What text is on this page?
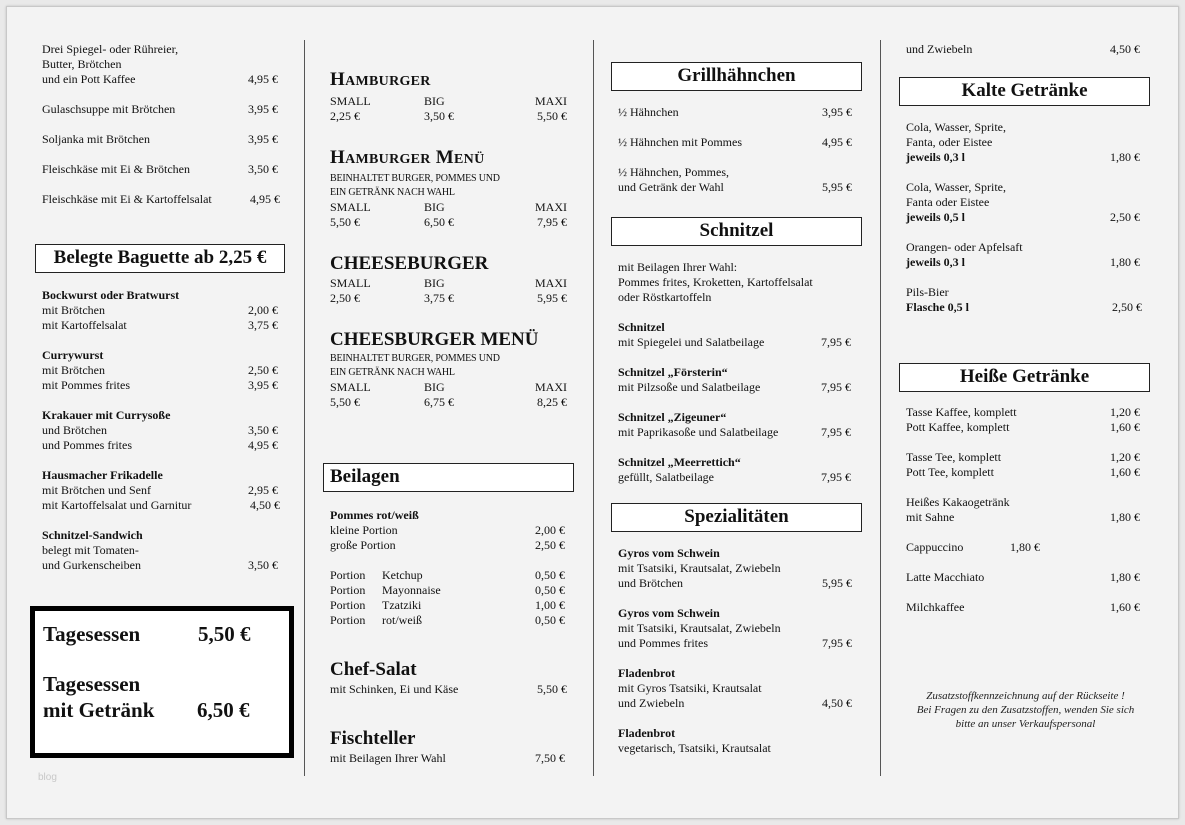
Drei Spiegel- oder Rühreier,
Butter, Brötchen
und ein Pott Kaffee	4,95 €
Gulaschsuppe mit Brötchen	3,95 €
Soljanka mit Brötchen	3,95 €
Fleischkäse mit Ei & Brötchen	3,50 €
Fleischkäse mit Ei & Kartoffelsalat	4,95 €
Belegte Baguette ab 2,25 €
Bockwurst oder Bratwurst
mit Brötchen	2,00 €
mit Kartoffelsalat	3,75 €
Currywurst
mit Brötchen	2,50 €
mit Pommes frites	3,95 €
Krakauer mit Currysoße
und Brötchen	3,50 €
und Pommes frites	4,95 €
Hausmacher Frikadelle
mit Brötchen und Senf	2,95 €
mit Kartoffelsalat und Garnitur	4,50 €
Schnitzel-Sandwich
belegt mit Tomaten-
und Gurkenscheiben	3,50 €
Tagesessen	5,50 €
Tagesessen
mit Getränk 6,50 €
HAMBURGER
SMALL	BIG	MAXI
2,25 €	3,50 €	5,50 €
HAMBURGER MENÜ
BEINHALTET BURGER, POMMES UND
EIN GETRÄNK NACH WAHL
SMALL	BIG	MAXI
5,50 €	6,50 €	7,95 €
CHEESEBURGER
SMALL	BIG	MAXI
2,50 €	3,75 €	5,95 €
CHEESBURGER MENÜ
BEINHALTET BURGER, POMMES UND
EIN GETRÄNK NACH WAHL
SMALL	BIG	MAXI
5,50 €	6,75 €	8,25 €
Beilagen
Pommes rot/weiß
kleine Portion	2,00 €
große Portion	2,50 €
Portion Ketchup	0,50 €
Portion Mayonnaise	0,50 €
Portion Tzatziki	1,00 €
Portion rot/weiß	0,50 €
Chef-Salat
mit Schinken, Ei und Käse	5,50 €
Fischteller
mit Beilagen Ihrer Wahl	7,50 €
Grillhähnchen
½ Hähnchen	3,95 €
½ Hähnchen mit Pommes	4,95 €
½ Hähnchen, Pommes,
und Getränk der Wahl	5,95 €
Schnitzel
mit Beilagen Ihrer Wahl:
Pommes frites, Kroketten, Kartoffelsalat
oder Röstkartoffeln
Schnitzel
mit Spiegelei und Salatbeilage	7,95 €
Schnitzel „Försterin“
mit Pilzsoße und Salatbeilage	7,95 €
Schnitzel „Zigeuner“
mit Paprikasoße und Salatbeilage	7,95 €
Schnitzel „Meerrettich“
gefüllt, Salatbeilage	7,95 €
Spezialitäten
Gyros vom Schwein
mit Tsatsiki, Krautsalat, Zwiebeln
und Brötchen	5,95 €
Gyros vom Schwein
mit Tsatsiki, Krautsalat, Zwiebeln
und Pommes frites	7,95 €
Fladenbrot
mit Gyros Tsatsiki, Krautsalat
und Zwiebeln	4,50 €
Fladenbrot
vegetarisch, Tsatsiki, Krautsalat
und Zwiebeln	4,50 €
Kalte Getränke
Cola, Wasser, Sprite,
Fanta, oder Eistee
jeweils 0,3 l	1,80 €
Cola, Wasser, Sprite,
Fanta oder Eistee
jeweils 0,5 l	2,50 €
Orangen- oder Apfelsaft
jeweils 0,3 l	1,80 €
Pils-Bier
Flasche 0,5 l	2,50 €
Heiße Getränke
Tasse Kaffee, komplett	1,20 €
Pott Kaffee, komplett	1,60 €
Tasse Tee, komplett	1,20 €
Pott Tee, komplett	1,60 €
Heißes Kakaogetränk
mit Sahne	1,80 €
Cappuccino	1,80 €
Latte Macchiato	1,80 €
Milchkaffee	1,60 €
Zusatzstoffkennzeichnung auf der Rückseite !
Bei Fragen zu den Zusatzstoffen, wenden Sie sich
bitte an unser Verkaufspersonal
blog
